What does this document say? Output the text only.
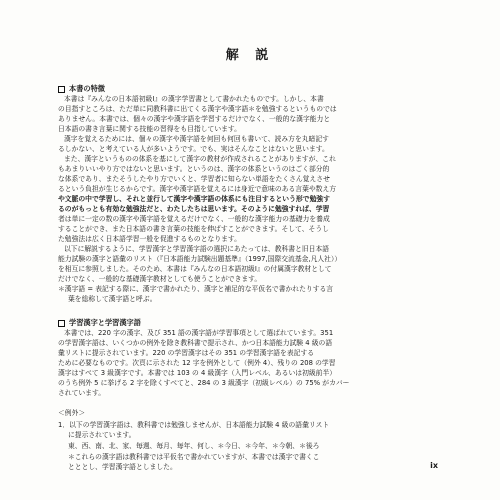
解 説
本書の特徴
本書は『みんなの日本語初級Ⅰ』の漢字学習書として書かれたものです。しかし、本書
の目指すところは、ただ単に同教科書に出てくる漢字や漢字語＊を勉強するというものでは
ありません。本書では、個々の漢字や漢字語を学習するだけでなく、一般的な漢字能力と
日本語の書き言葉に関する技能の習得をも目指しています。
漢字を覚えるためには、個々の漢字や漢字語を何回も何回も書いて、読み方を丸暗記す
るしかない、と考えている人が多いようです。でも、実はそんなことはないと思います。
また、漢字というものの体系を基にして漢字の教材が作成されることがありますが、これ
もあまりいいやり方ではないと思います。というのは、漢字の体系というのはごく部分的
な体系であり、またそうしたやり方でいくと、学習者に知らない単語をたくさん覚えさせ
るという負担が生じるからです。漢字や漢字語を覚えるには身近で意味のある言葉や数え方
や文脈の中で学習し、それと並行して漢字や漢字語の体系にも注目するという形で勉強す
るのがもっとも有効な勉強法だと、わたしたちは思います。そのように勉強すれば、学習
者は単に一定の数の漢字や漢字語を覚えるだけでなく、一般的な漢字能力の基礎力を養成
することができ、また日本語の書き言葉の技能を伸ばすことができます。そして、そうし
た勉強法は広く日本語学習一般を促進するものとなります。
以下に解説するように、学習漢字と学習漢字語の選択にあたっては、教科書と旧日本語
能力試験の漢字と語彙のリスト（『日本語能力試験出題基準』（1997,国際交流基金,凡人社））
を相互に参照しました。そのため、本書は『みんなの日本語初級Ⅰ』の付属漢字教材として
だけでなく、一般的な基礎漢字教材としても使うことができます。
＊漢字語 = 表記する際に、漢字で書かれたり、漢字と補足的な平仮名で書かれたりする言
葉を総称して漢字語と呼ぶ。
学習漢字と学習漢字語
本書では、220 字の漢字、及び 351 語の漢字語が学習事項として選ばれています。351
の学習漢字語は、いくつかの例外を除き教科書で提示され、かつ日本語能力試験 4 級の語
彙リストに提示されています。220 の学習漢字はその 351 の学習漢字語を表記する
ために必要なものです。次頁に示された 12 字を例外として（例外 4）、残りの 208 の学習
漢字はすべて 3 級漢字です。本書では 103 の 4 級漢字（入門レベル、あるいは初級前半）
のうち例外 5 に挙げる 2 字を除くすべてと、284 の 3 級漢字（初級レベル）の 75% がカバー
されています。
＜例外＞
1．以下の学習漢字語は、教科書では勉強しませんが、日本語能力試験 4 級の語彙リスト
に提示されています。
東、西、南、北、家、毎週、毎月、毎年、何し、＊今日、＊今年、＊今朝、＊後ろ
＊これらの漢字語は教科書では平仮名で書かれていますが、本書では漢字で書くこ
とととし、学習漢字語としました。	ix
